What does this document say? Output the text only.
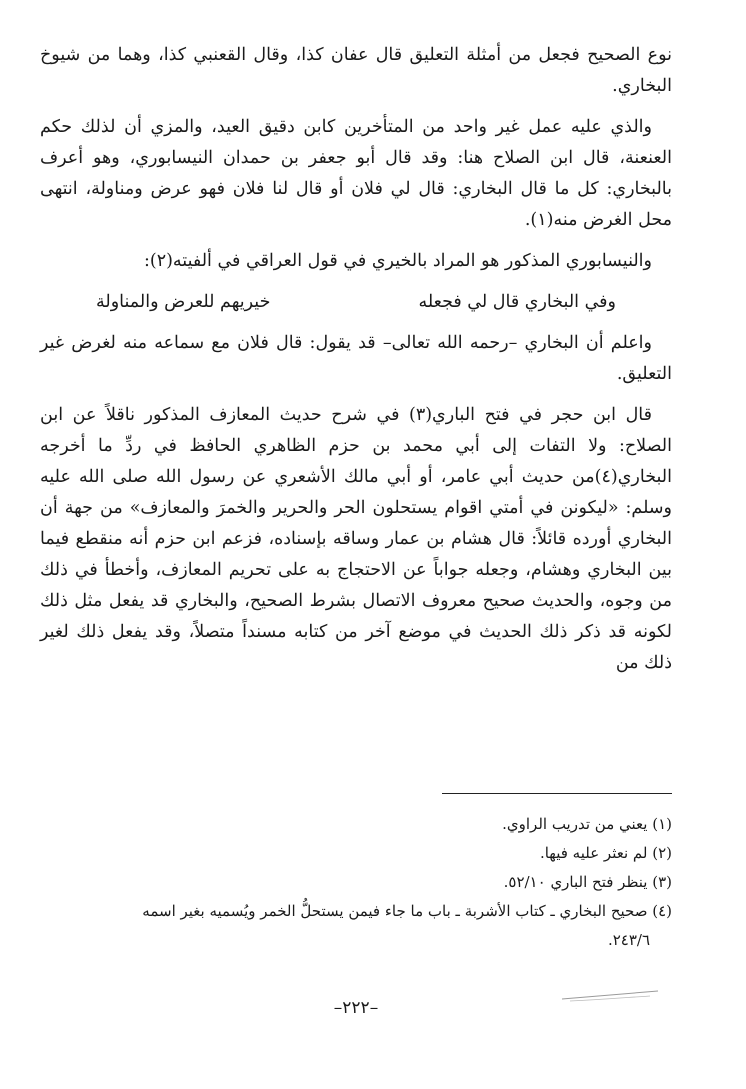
نوع الصحيح فجعل من أمثلة التعليق قال عفان كذا، وقال القعنبي كذا، وهما من شيوخ البخاري.

والذي عليه عمل غير واحد من المتأخرين كابن دقيق العيد، والمزي أن لذلك حكم العنعنة، قال ابن الصلاح هنا: وقد قال أبو جعفر بن حمدان النيسابوري، وهو أعرف بالبخاري: كل ما قال البخاري: قال لي فلان أو قال لنا فلان فهو عرض ومناولة، انتهى محل الغرض منه(١).

والنيسابوري المذكور هو المراد بالخيري في قول العراقي في ألفيته(٢):

وفي البخاري قال لي فجعله
خيريهم للعرض والمناولة

واعلم أن البخاري –رحمه الله تعالى– قد يقول: قال فلان مع سماعه منه لغرض غير التعليق.

قال ابن حجر في فتح الباري(٣) في شرح حديث المعازف المذكور ناقلاً عن ابن الصلاح: ولا التفات إلى أبي محمد بن حزم الظاهري الحافظ في ردِّ ما أخرجه البخاري(٤)من حديث أبي عامر، أو أبي مالك الأشعري عن رسول الله صلى الله عليه وسلم: «ليكونن في أمتي اقوام يستحلون الحر والحرير والخمرَ والمعازف» من جهة أن البخاري أورده قائلاً: قال هشام بن عمار وساقه بإسناده، فزعم ابن حزم أنه منقطع فيما بين البخاري وهشام، وجعله جواباً عن الاحتجاج به على تحريم المعازف، وأخطأ في ذلك من وجوه، والحديث صحيح معروف الاتصال بشرط الصحيح، والبخاري قد يفعل مثل ذلك لكونه قد ذكر ذلك الحديث في موضع آخر من كتابه مسنداً متصلاً، وقد يفعل ذلك لغير ذلك من

(١) يعني من تدريب الراوي.

(٢) لم نعثر عليه فيها.

(٣) ينظر فتح الباري ٥٢/١٠.

(٤) صحيح البخاري ـ كتاب الأشربة ـ باب ما جاء فيمن يستحلُّ الخمر ويُسميه بغير اسمه

٢٤٣/٦.

–٢٢٢–
